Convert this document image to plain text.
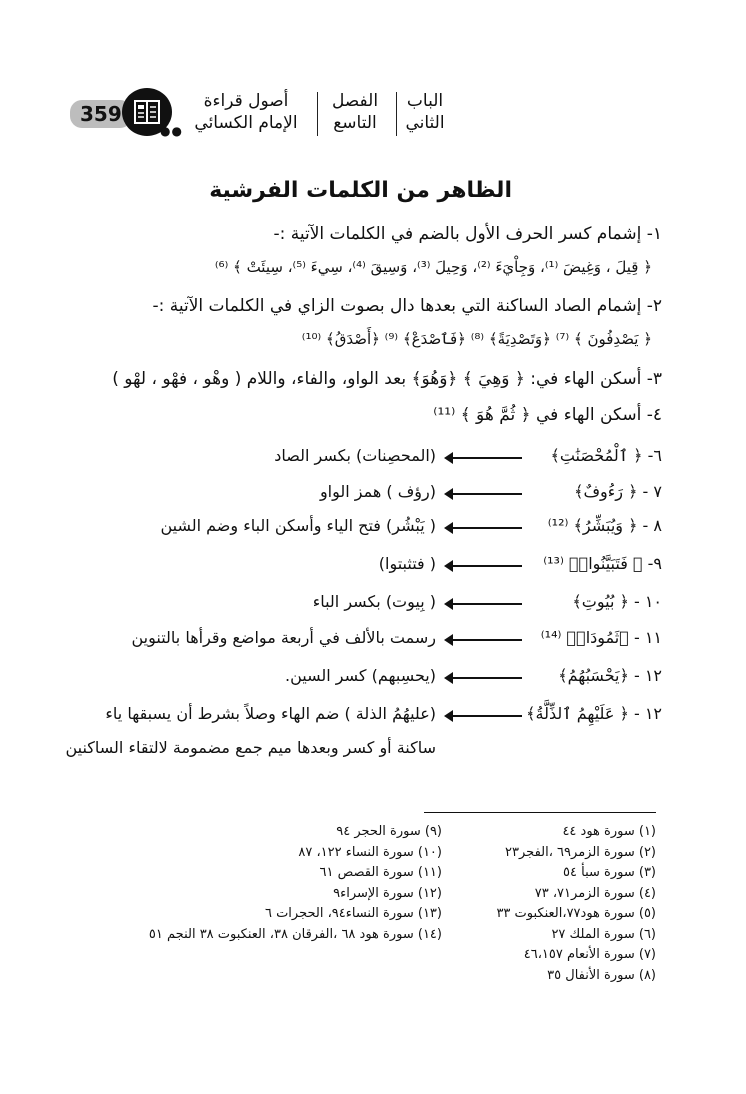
359
●●
أصول قراءة
الإمام الكسائي
الفصل
التاسع
الباب
الثاني
الظاهر من الكلمات الفرشية
١- إشمام كسر الحرف الأول بالضم في الكلمات الآتية :-
﴿ قِيلَ ، وَغِيضَ ⁽¹⁾، وَجِاْيَءَ ⁽²⁾، وَحِيلَ ⁽³⁾، وَسِيقَ ⁽⁴⁾، سِيءَ ⁽⁵⁾، سِيئَتْ ﴾ ⁽⁶⁾
٢- إشمام الصاد الساكنة التي بعدها دال بصوت الزاي في الكلمات الآتية :-
﴿ يَصْدِفُونَ ﴾ ⁽⁷⁾ ﴿وَتَصْدِيَةً﴾ ⁽⁸⁾ ﴿فَٱصْدَعْ﴾ ⁽⁹⁾ ﴿أَصْدَقُ﴾ ⁽¹⁰⁾
٣- أسكن الهاء في: ﴿ وَهِيَ ﴾ ﴿وَهُوَ﴾ بعد الواو، والفاء، واللام ( وهْو ، فهْو ، لهْو )
٤- أسكن الهاء في ﴿ ثُمَّ هُوَ ﴾ ⁽¹¹⁾
٦- ﴿ ٱلْمُحْصَنَٰتِ﴾
(المحصِنات) بكسر الصاد
٧ - ﴿ رَءُوفٌ﴾
(رؤف ) همز الواو
٨ - ﴿ وَيُبَشِّرُ﴾ ⁽¹²⁾
( يَبْشُر) فتح الياء وأسكن الباء وضم الشين
٩- ﴿ فَتَبَيَّنُوا۟﴾ ⁽¹³⁾
( فتثبتوا)
١٠ - ﴿ بُيُوتِ﴾
( بِيوت) بكسر الباء
١١ - ﴿ثَمُودَا۟﴾ ⁽¹⁴⁾
رسمت بالألف في أربعة مواضع وقرأها بالتنوين
١٢ - ﴿يَحْسَبُهُمُ﴾
(يحسِبهم) كسر السين.
١٢ - ﴿ عَلَيْهِمُ ٱلذِّلَّةُ﴾
(عليهُمُ الذلة ) ضم الهاء وصلاً بشرط أن يسبقها ياء
ساكنة أو كسر وبعدها ميم جمع مضمومة لالتقاء الساكنين
(١) سورة هود ٤٤
(٢) سورة الزمر٦٩ ،الفجر٢٣
(٣) سورة سبأ ٥٤
(٤) سورة الزمر٧١، ٧٣
(٥) سورة هود٧٧،العنكبوت ٣٣
(٦) سورة الملك ٢٧
(٧) سورة الأنعام ٤٦،١٥٧
(٨) سورة الأنفال ٣٥
(٩) سورة الحجر ٩٤
(١٠) سورة النساء ١٢٢، ٨٧
(١١) سورة القصص ٦١
(١٢) سورة الإسراء٩
(١٣) سورة النساء٩٤، الحجرات ٦
(١٤) سورة هود ٦٨ ،الفرقان ٣٨، العنكبوت ٣٨ النجم ٥١
